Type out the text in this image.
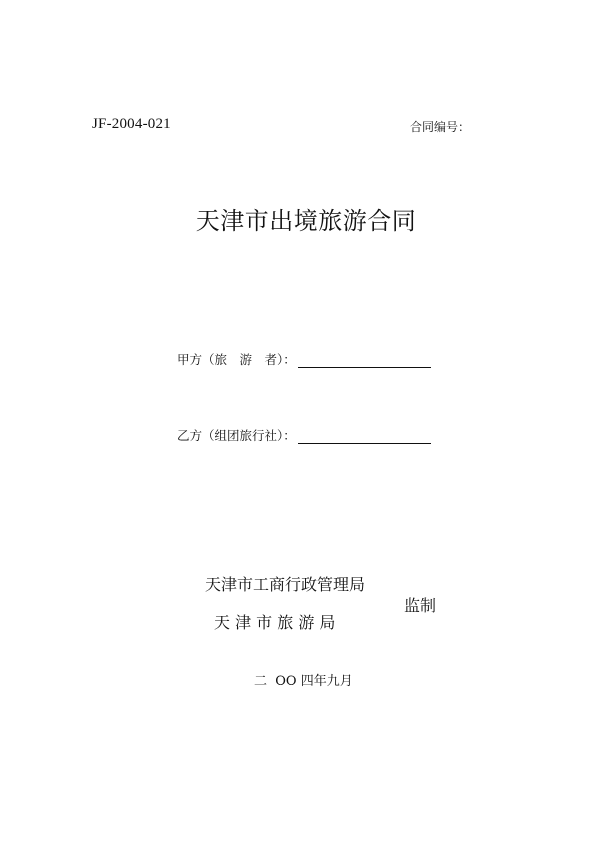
JF-2004-021	合同编号：
天津市出境旅游合同
甲方（旅　游　者）：
乙方（组团旅行社）：
天津市工商行政管理局
天 津 市 旅 游 局
监制
二  OO 四年九月
